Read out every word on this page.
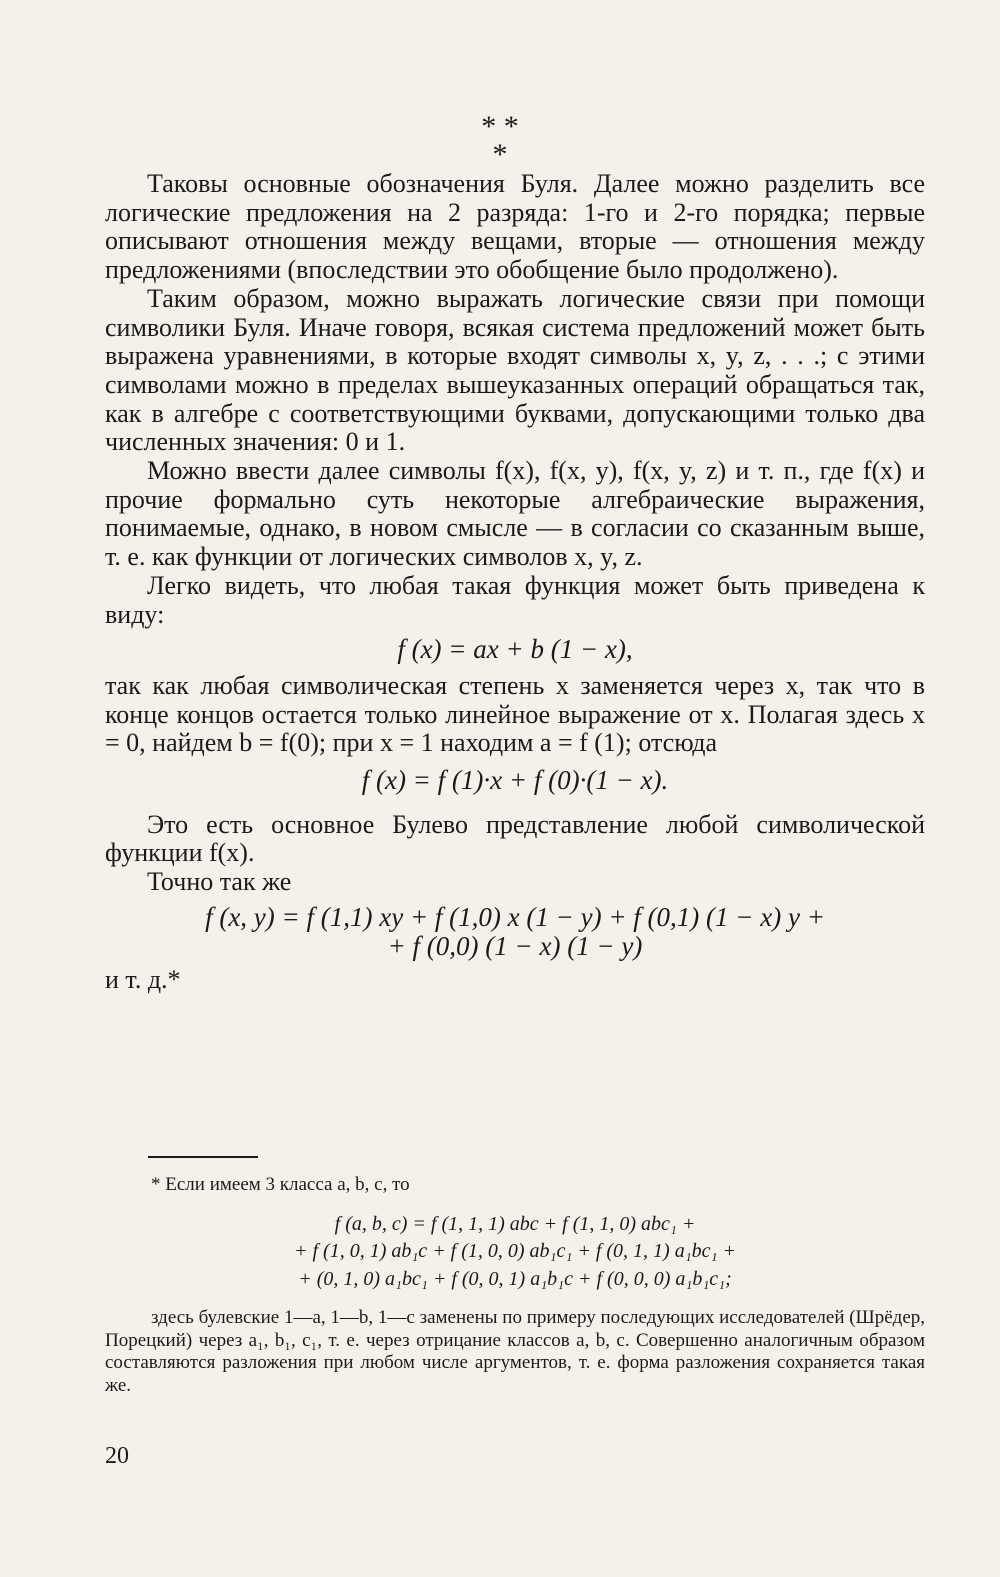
* *
*

Таковы основные обозначения Буля. Далее можно разделить все логические предложения на 2 разряда: 1-го и 2-го порядка; первые описывают отношения между вещами, вторые — отношения между предложениями (впоследствии это обобщение было продолжено).

Таким образом, можно выражать логические связи при помощи символики Буля. Иначе говоря, всякая система предложений может быть выражена уравнениями, в которые входят символы x, y, z, . . .; с этими символами можно в пределах вышеуказанных операций обращаться так, как в алгебре с соответствующими буквами, допускающими только два численных значения: 0 и 1.

Можно ввести далее символы f(x), f(x, y), f(x, y, z) и т. п., где f(x) и прочие формально суть некоторые алгебраические выражения, понимаемые, однако, в новом смысле — в согласии со сказанным выше, т. е. как функции от логических символов x, y, z.

Легко видеть, что любая такая функция может быть приведена к виду:

f (x) = ax + b (1 − x),

так как любая символическая степень x заменяется через x, так что в конце концов остается только линейное выражение от x. Полагая здесь x = 0, найдем b = f(0); при x = 1 находим a = f (1); отсюда

f (x) = f (1)·x + f (0)·(1 − x).

Это есть основное Булево представление любой символической функции f(x).

Точно так же

f (x, y) = f (1,1) xy + f (1,0) x (1 − y) + f (0,1) (1 − x) y +

+ f (0,0) (1 − x) (1 − y)

и т. д.*

* Если имеем 3 класса a, b, c, то

f (a, b, c) = f (1, 1, 1) abc + f (1, 1, 0) abc₁ +

+ f (1, 0, 1) ab₁c + f (1, 0, 0) ab₁c₁ + f (0, 1, 1) a₁bc₁ +

+ (0, 1, 0) a₁bc₁ + f (0, 0, 1) a₁b₁c + f (0, 0, 0) a₁b₁c₁;

здесь булевские 1—a, 1—b, 1—c заменены по примеру последующих исследователей (Шрёдер, Порецкий) через a₁, b₁, c₁, т. е. через отрицание классов a, b, c. Совершенно аналогичным образом составляются разложения при любом числе аргументов, т. е. форма разложения сохраняется такая же.

20
